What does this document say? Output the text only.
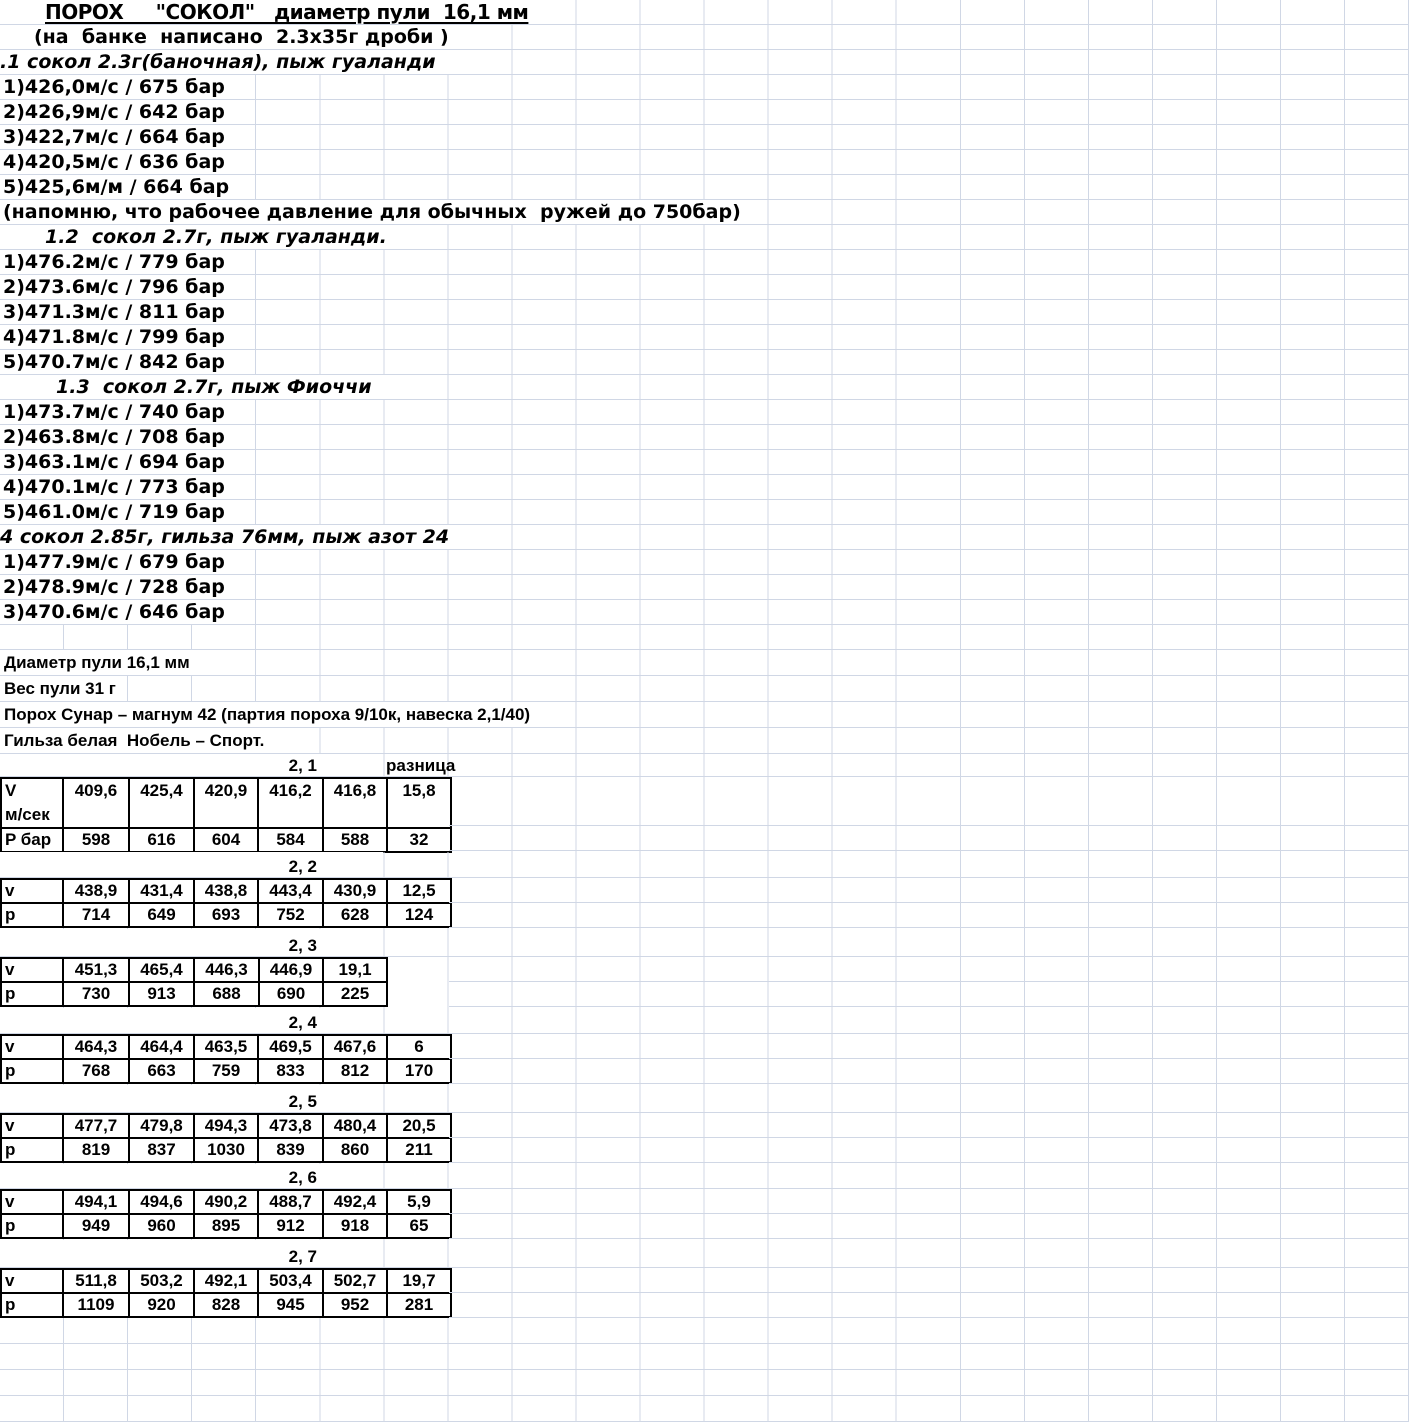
ПОРОХ     "СОКОЛ"   диаметр пули  16,1 мм
(на  банке  написано  2.3x35г дроби )
.1 сокол 2.3г(баночная), пыж гуаланди
1)426,0м/с / 675 бар
2)426,9м/с / 642 бар
3)422,7м/с / 664 бар
4)420,5м/с / 636 бар
5)425,6м/м / 664 бар
(напомню, что рабочее давление для обычных  ружей до 750бар)
1.2  сокол 2.7г, пыж гуаланди.
1)476.2м/с / 779 бар
2)473.6м/с / 796 бар
3)471.3м/с / 811 бар
4)471.8м/с / 799 бар
5)470.7м/с / 842 бар
1.3  сокол 2.7г, пыж Фиоччи
1)473.7м/с / 740 бар
2)463.8м/с / 708 бар
3)463.1м/с / 694 бар
4)470.1м/с / 773 бар
5)461.0м/с / 719 бар
4 сокол 2.85г, гильза 76мм, пыж азот 24
1)477.9м/с / 679 бар
2)478.9м/с / 728 бар
3)470.6м/с / 646 бар
Диаметр пули 16,1 мм
Вес пули 31 г
Порох Сунар – магнум 42 (партия пороха 9/10к, навеска 2,1/40)
Гильза белая  Нобель – Спорт.
2, 1	разница
V
м/сек	409,6	425,4	420,9	416,2	416,8	15,8
P бар	598	616	604	584	588	32
2, 2
v	438,9	431,4	438,8	443,4	430,9	12,5
p	714	649	693	752	628	124
2, 3
v	451,3	465,4	446,3	446,9	19,1
p	730	913	688	690	225
2, 4
v	464,3	464,4	463,5	469,5	467,6	6
p	768	663	759	833	812	170
2, 5
v	477,7	479,8	494,3	473,8	480,4	20,5
p	819	837	1030	839	860	211
2, 6
v	494,1	494,6	490,2	488,7	492,4	5,9
p	949	960	895	912	918	65
2, 7
v	511,8	503,2	492,1	503,4	502,7	19,7
p	1109	920	828	945	952	281
